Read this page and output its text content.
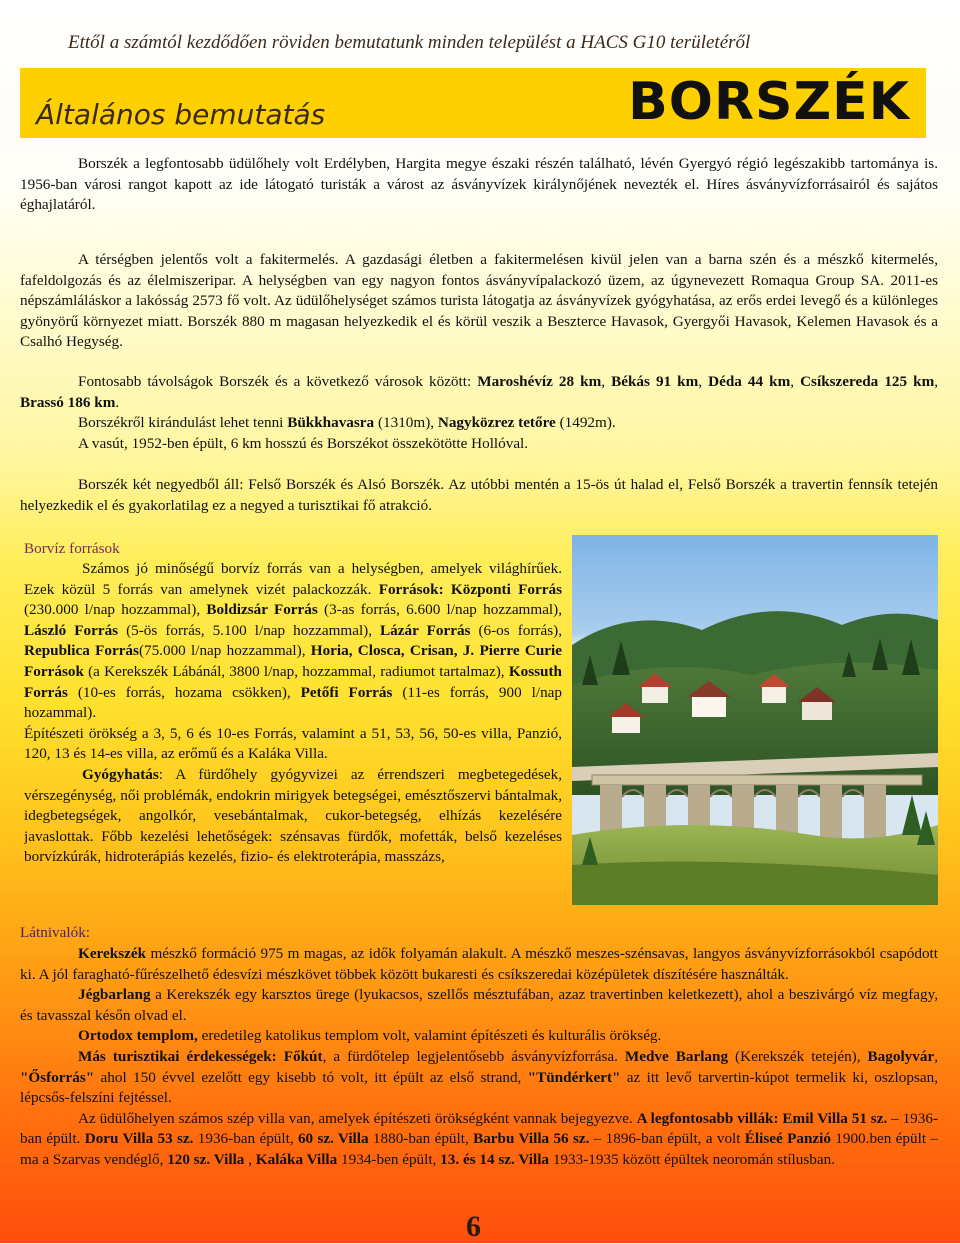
Ettől a számtól kezdődően röviden bemutatunk minden települést a HACS G10 területéről
Általános bemutatás	BORSZÉK

Borszék a legfontosabb üdülőhely volt Erdélyben, Hargita megye északi részén található, lévén Gyergyó régió legészakibb tartománya is. 1956-ban városi rangot kapott az ide látogató turisták a várost az ásványvízek királynőjének nevezték el. Híres ásványvízforrásairól és sajátos éghajlatáról.

A térségben jelentős volt a fakitermelés. A gazdasági életben a fakitermelésen kivül jelen van a barna szén és a mészkő kitermelés, fafeldolgozás és az élelmiszeripar. A helységben van egy nagyon fontos ásványvípalackozó üzem, az úgynevezett Romaqua Group SA. 2011-es népszámláláskor a lakósság 2573 fő volt. Az üdülőhelységet számos turista látogatja az ásványvízek gyógyhatása, az erős erdei levegő és a különleges gyönyörű környezet miatt. Borszék 880 m magasan helyezkedik el és körül veszik a Beszterce Havasok, Gyergyői Havasok, Kelemen Havasok és a Csalhó Hegység.

Fontosabb távolságok Borszék és a következő városok között: Maroshévíz 28 km, Békás 91 km, Déda 44 km, Csíkszereda 125 km, Brassó 186 km.
Borszékről kirándulást lehet tenni Bükkhavasra (1310m), Nagyközrez tetőre (1492m).
A vasút, 1952-ben épült, 6 km hosszú és Borszékot összekötötte Hollóval.

Borszék két negyedből áll: Felső Borszék és Alsó Borszék. Az utóbbi mentén a 15-ös út halad el, Felső Borszék a travertin fennsík tetején helyezkedik el és gyakorlatilag ez a negyed a turisztikai fő atrakció.

Borvíz források
Számos jó minőségű borvíz forrás van a helységben, amelyek világhírűek. Ezek közül 5 forrás van amelynek vizét palackozzák. Források: Központi Forrás (230.000 l/nap hozzammal), Boldizsár Forrás (3-as forrás, 6.600 l/nap hozzammal), László Forrás (5-ös forrás, 5.100 l/nap hozzammal), Lázár Forrás (6-os forrás), Republica Forrás(75.000 l/nap hozzammal), Horia, Closca, Crisan, J. Pierre Curie Források (a Kerekszék Lábánál, 3800 l/nap, hozzammal, radiumot tartalmaz), Kossuth Forrás (10-es forrás, hozama csökken), Petőfi Forrás (11-es forrás, 900 l/nap hozammal).
Építészeti örökség a 3, 5, 6 és 10-es Forrás, valamint a 51, 53, 56, 50-es villa, Panzió, 120, 13 és 14-es villa, az erőmű és a Kaláka Villa.
Gyógyhatás: A fürdőhely gyógyvizei az érrendszeri megbetegedések, vérszegénység, női problémák, endokrin mirigyek betegségei, emésztőszervi bántalmak, idegbetegségek, angolkór, vesebántalmak, cukor-betegség, elhízás kezelésére javaslottak. Főbb kezelési lehetőségek: szénsavas fürdők, mofetták, belső kezeléses borvízkúrák, hidroterápiás kezelés, fizio- és elektroterápia, masszázs,
Látnivalók:
Kerekszék mészkő formáció 975 m magas, az idők folyamán alakult. A mészkő meszes-szénsavas, langyos ásványvízforrásokból csapódott ki. A jól faragható-fűrészelhető édesvízi mészkövet többek között bukaresti és csíkszeredai középületek díszítésére használták.
Jégbarlang a Kerekszék egy karsztos ürege (lyukacsos, szellős mésztufában, azaz travertinben keletkezett), ahol a beszivárgó víz megfagy, és tavasszal későn olvad el.
Ortodox templom, eredetileg katolikus templom volt, valamint építészeti és kulturális örökség.
Más turisztikai érdekességek: Főkút, a fürdőtelep legjelentősebb ásványvízforrása. Medve Barlang (Kerekszék tetején), Bagolyvár, "Ősforrás" ahol 150 évvel ezelőtt egy kisebb tó volt, itt épült az első strand, "Tündérkert" az itt levő tarvertin-kúpot termelik ki, oszlopsan, lépcsős-felszíni fejtéssel.
Az üdülőhelyen számos szép villa van, amelyek építészeti örökségként vannak bejegyezve. A legfontosabb villák: Emil Villa 51 sz. – 1936-ban épült. Doru Villa 53 sz. 1936-ban épült, 60 sz. Villa 1880-ban épült, Barbu Villa 56 sz. – 1896-ban épült, a volt Éliseé Panzió 1900.ben épült – ma a Szarvas vendéglő, 120 sz. Villa , Kaláka Villa 1934-ben épült, 13. és 14 sz. Villa 1933-1935 között épültek neoromán stílusban.
6
